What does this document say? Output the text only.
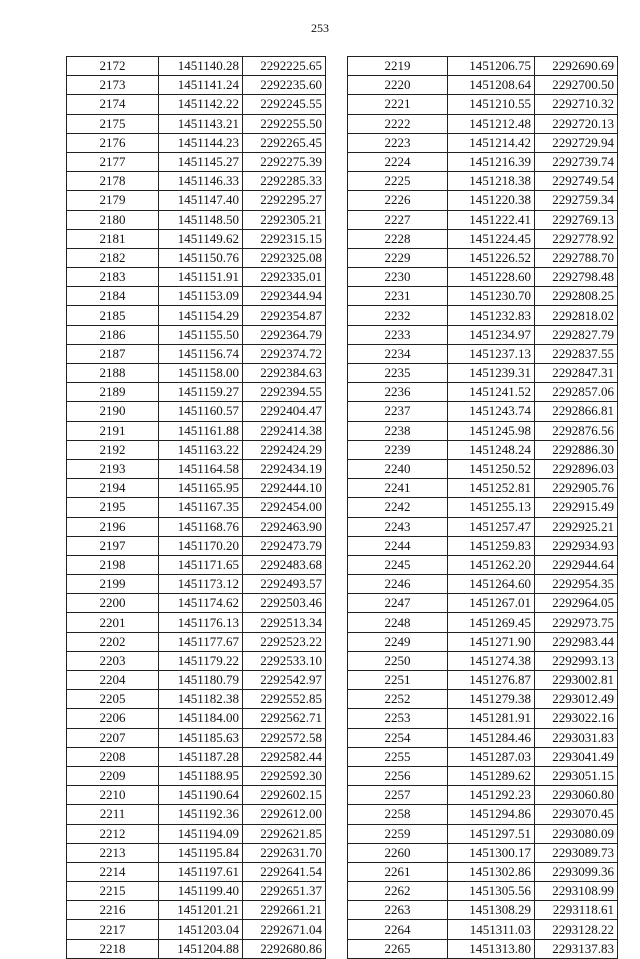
253
2172	1451140.28	2292225.65
2173	1451141.24	2292235.60
2174	1451142.22	2292245.55
2175	1451143.21	2292255.50
2176	1451144.23	2292265.45
2177	1451145.27	2292275.39
2178	1451146.33	2292285.33
2179	1451147.40	2292295.27
2180	1451148.50	2292305.21
2181	1451149.62	2292315.15
2182	1451150.76	2292325.08
2183	1451151.91	2292335.01
2184	1451153.09	2292344.94
2185	1451154.29	2292354.87
2186	1451155.50	2292364.79
2187	1451156.74	2292374.72
2188	1451158.00	2292384.63
2189	1451159.27	2292394.55
2190	1451160.57	2292404.47
2191	1451161.88	2292414.38
2192	1451163.22	2292424.29
2193	1451164.58	2292434.19
2194	1451165.95	2292444.10
2195	1451167.35	2292454.00
2196	1451168.76	2292463.90
2197	1451170.20	2292473.79
2198	1451171.65	2292483.68
2199	1451173.12	2292493.57
2200	1451174.62	2292503.46
2201	1451176.13	2292513.34
2202	1451177.67	2292523.22
2203	1451179.22	2292533.10
2204	1451180.79	2292542.97
2205	1451182.38	2292552.85
2206	1451184.00	2292562.71
2207	1451185.63	2292572.58
2208	1451187.28	2292582.44
2209	1451188.95	2292592.30
2210	1451190.64	2292602.15
2211	1451192.36	2292612.00
2212	1451194.09	2292621.85
2213	1451195.84	2292631.70
2214	1451197.61	2292641.54
2215	1451199.40	2292651.37
2216	1451201.21	2292661.21
2217	1451203.04	2292671.04
2218	1451204.88	2292680.86
2219	1451206.75	2292690.69
2220	1451208.64	2292700.50
2221	1451210.55	2292710.32
2222	1451212.48	2292720.13
2223	1451214.42	2292729.94
2224	1451216.39	2292739.74
2225	1451218.38	2292749.54
2226	1451220.38	2292759.34
2227	1451222.41	2292769.13
2228	1451224.45	2292778.92
2229	1451226.52	2292788.70
2230	1451228.60	2292798.48
2231	1451230.70	2292808.25
2232	1451232.83	2292818.02
2233	1451234.97	2292827.79
2234	1451237.13	2292837.55
2235	1451239.31	2292847.31
2236	1451241.52	2292857.06
2237	1451243.74	2292866.81
2238	1451245.98	2292876.56
2239	1451248.24	2292886.30
2240	1451250.52	2292896.03
2241	1451252.81	2292905.76
2242	1451255.13	2292915.49
2243	1451257.47	2292925.21
2244	1451259.83	2292934.93
2245	1451262.20	2292944.64
2246	1451264.60	2292954.35
2247	1451267.01	2292964.05
2248	1451269.45	2292973.75
2249	1451271.90	2292983.44
2250	1451274.38	2292993.13
2251	1451276.87	2293002.81
2252	1451279.38	2293012.49
2253	1451281.91	2293022.16
2254	1451284.46	2293031.83
2255	1451287.03	2293041.49
2256	1451289.62	2293051.15
2257	1451292.23	2293060.80
2258	1451294.86	2293070.45
2259	1451297.51	2293080.09
2260	1451300.17	2293089.73
2261	1451302.86	2293099.36
2262	1451305.56	2293108.99
2263	1451308.29	2293118.61
2264	1451311.03	2293128.22
2265	1451313.80	2293137.83
